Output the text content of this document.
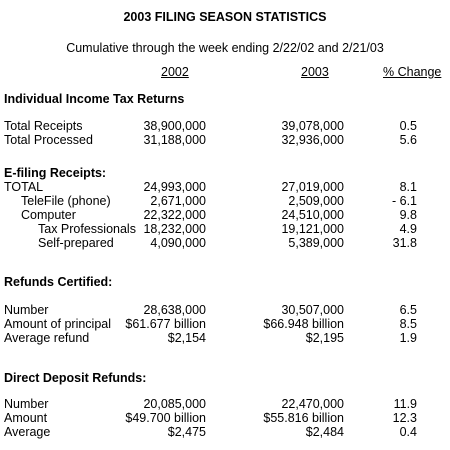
2003 FILING SEASON STATISTICS
Cumulative through the week ending 2/22/02 and 2/21/03
2002	2003	% Change
Individual Income Tax Returns
Total Receipts	38,900,000	39,078,000	0.5
Total Processed	31,188,000	32,936,000	5.6
E-filing Receipts:
TOTAL	24,993,000	27,019,000	8.1
TeleFile (phone)	2,671,000	2,509,000	- 6.1
Computer	22,322,000	24,510,000	9.8
Tax Professionals 18,232,000	19,121,000	4.9
Self-prepared	4,090,000	5,389,000	31.8
Refunds Certified:
Number	28,638,000	30,507,000	6.5
Amount of principal $61.677 billion	$66.948 billion	8.5
Average refund	$2,154	$2,195	1.9
Direct Deposit Refunds:
Number	20,085,000	22,470,000	11.9
Amount	$49.700 billion	$55.816 billion	12.3
Average	$2,475	$2,484	0.4
